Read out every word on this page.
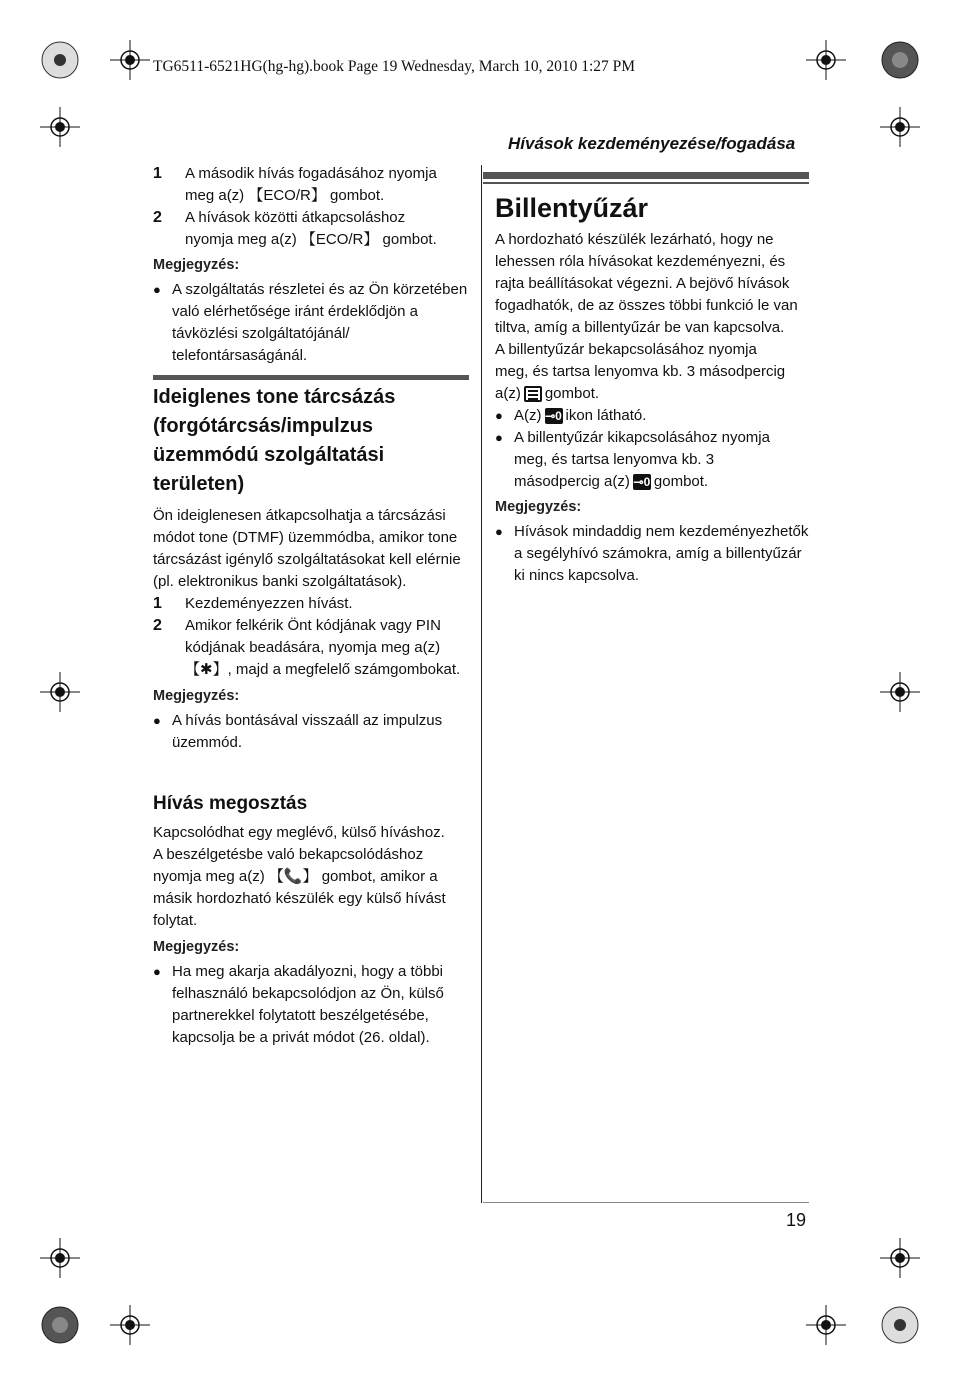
TG6511-6521HG(hg-hg).book Page 19 Wednesday, March 10, 2010 1:27 PM
Hívások kezdeményezése/fogadása

1 A második hívás fogadásához nyomja

meg a(z) 【ECO/R】 gombot.

2 A hívások közötti átkapcsoláshoz

nyomja meg a(z) 【ECO/R】 gombot.

Megjegyzés:

● A szolgáltatás részletei és az Ön körzetében való elérhetősége iránt érdeklődjön a távközlési szolgáltatójánál/ telefontársaságánál.

Ideiglenes tone tárcsázás

(forgótárcsás/impulzus

üzemmódú szolgáltatási

területen)

Ön ideiglenesen átkapcsolhatja a tárcsázási módot tone (DTMF) üzemmódba, amikor tone tárcsázást igénylő szolgáltatásokat kell elérnie (pl. elektronikus banki szolgáltatások).

1 Kezdeményezzen hívást.

2 Amikor felkérik Önt kódjának vagy PIN

kódjának beadására, nyomja meg a(z)

【✱】, majd a megfelelő számgombokat.

Megjegyzés:

● A hívás bontásával visszaáll az impulzus üzemmód.

Hívás megosztás

Kapcsolódhat egy meglévő, külső híváshoz.

A beszélgetésbe való bekapcsolódáshoz

nyomja meg a(z) 【📞】 gombot, amikor a

másik hordozható készülék egy külső hívást

folytat.

Megjegyzés:

● Ha meg akarja akadályozni, hogy a többi felhasználó bekapcsolódjon az Ön, külső partnerekkel folytatott beszélgetésébe, kapcsolja be a privát módot (26. oldal).

Billentyűzár

A hordozható készülék lezárható, hogy ne lehessen róla hívásokat kezdeményezni, és rajta beállításokat végezni. A bejövő hívások fogadhatók, de az összes többi funkció le van tiltva, amíg a billentyűzár be van kapcsolva.

A billentyűzár bekapcsolásához nyomja

meg, és tartsa lenyomva kb. 3 másodpercig

a(z) gombot.

● A(z) ⊸0 ikon látható.
● A billentyűzár kikapcsolásához nyomja
meg, és tartsa lenyomva kb. 3
másodpercig a(z) ⊸0 gombot.

Megjegyzés:

● Hívások mindaddig nem kezdeményezhetők a segélyhívó számokra, amíg a billentyűzár ki nincs kapcsolva.
19
